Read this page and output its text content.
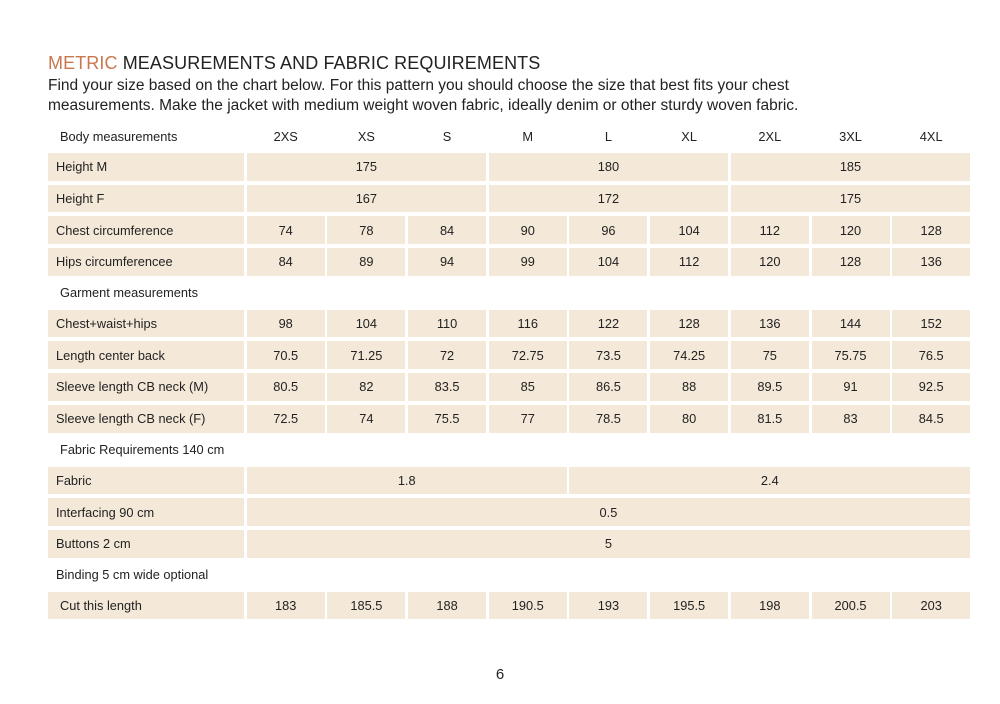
METRIC MEASUREMENTS AND FABRIC REQUIREMENTS
Find your size based on the chart below. For this pattern you should choose the size that best fits your chest
measurements. Make the jacket with medium weight woven fabric, ideally denim or other sturdy woven fabric.
Body measurements	2XS	XS	S	M	L	XL	2XL	3XL	4XL
Height M	175	180	185
Height F	167	172	175
Chest circumference	74	78	84	90	96	104	112	120	128
Hips circumferencee	84	89	94	99	104	112	120	128	136
Garment measurements
Chest+waist+hips	98	104	110	116	122	128	136	144	152
Length center back	70.5	71.25	72	72.75	73.5	74.25	75	75.75	76.5
Sleeve length CB neck (M)	80.5	82	83.5	85	86.5	88	89.5	91	92.5
Sleeve length CB neck (F)	72.5	74	75.5	77	78.5	80	81.5	83	84.5
Fabric Requirements 140 cm
Fabric	1.8	2.4
Interfacing 90 cm	0.5
Buttons 2 cm	5
Binding 5 cm wide optional
Cut this length	183	185.5	188	190.5	193	195.5	198	200.5	203
6
